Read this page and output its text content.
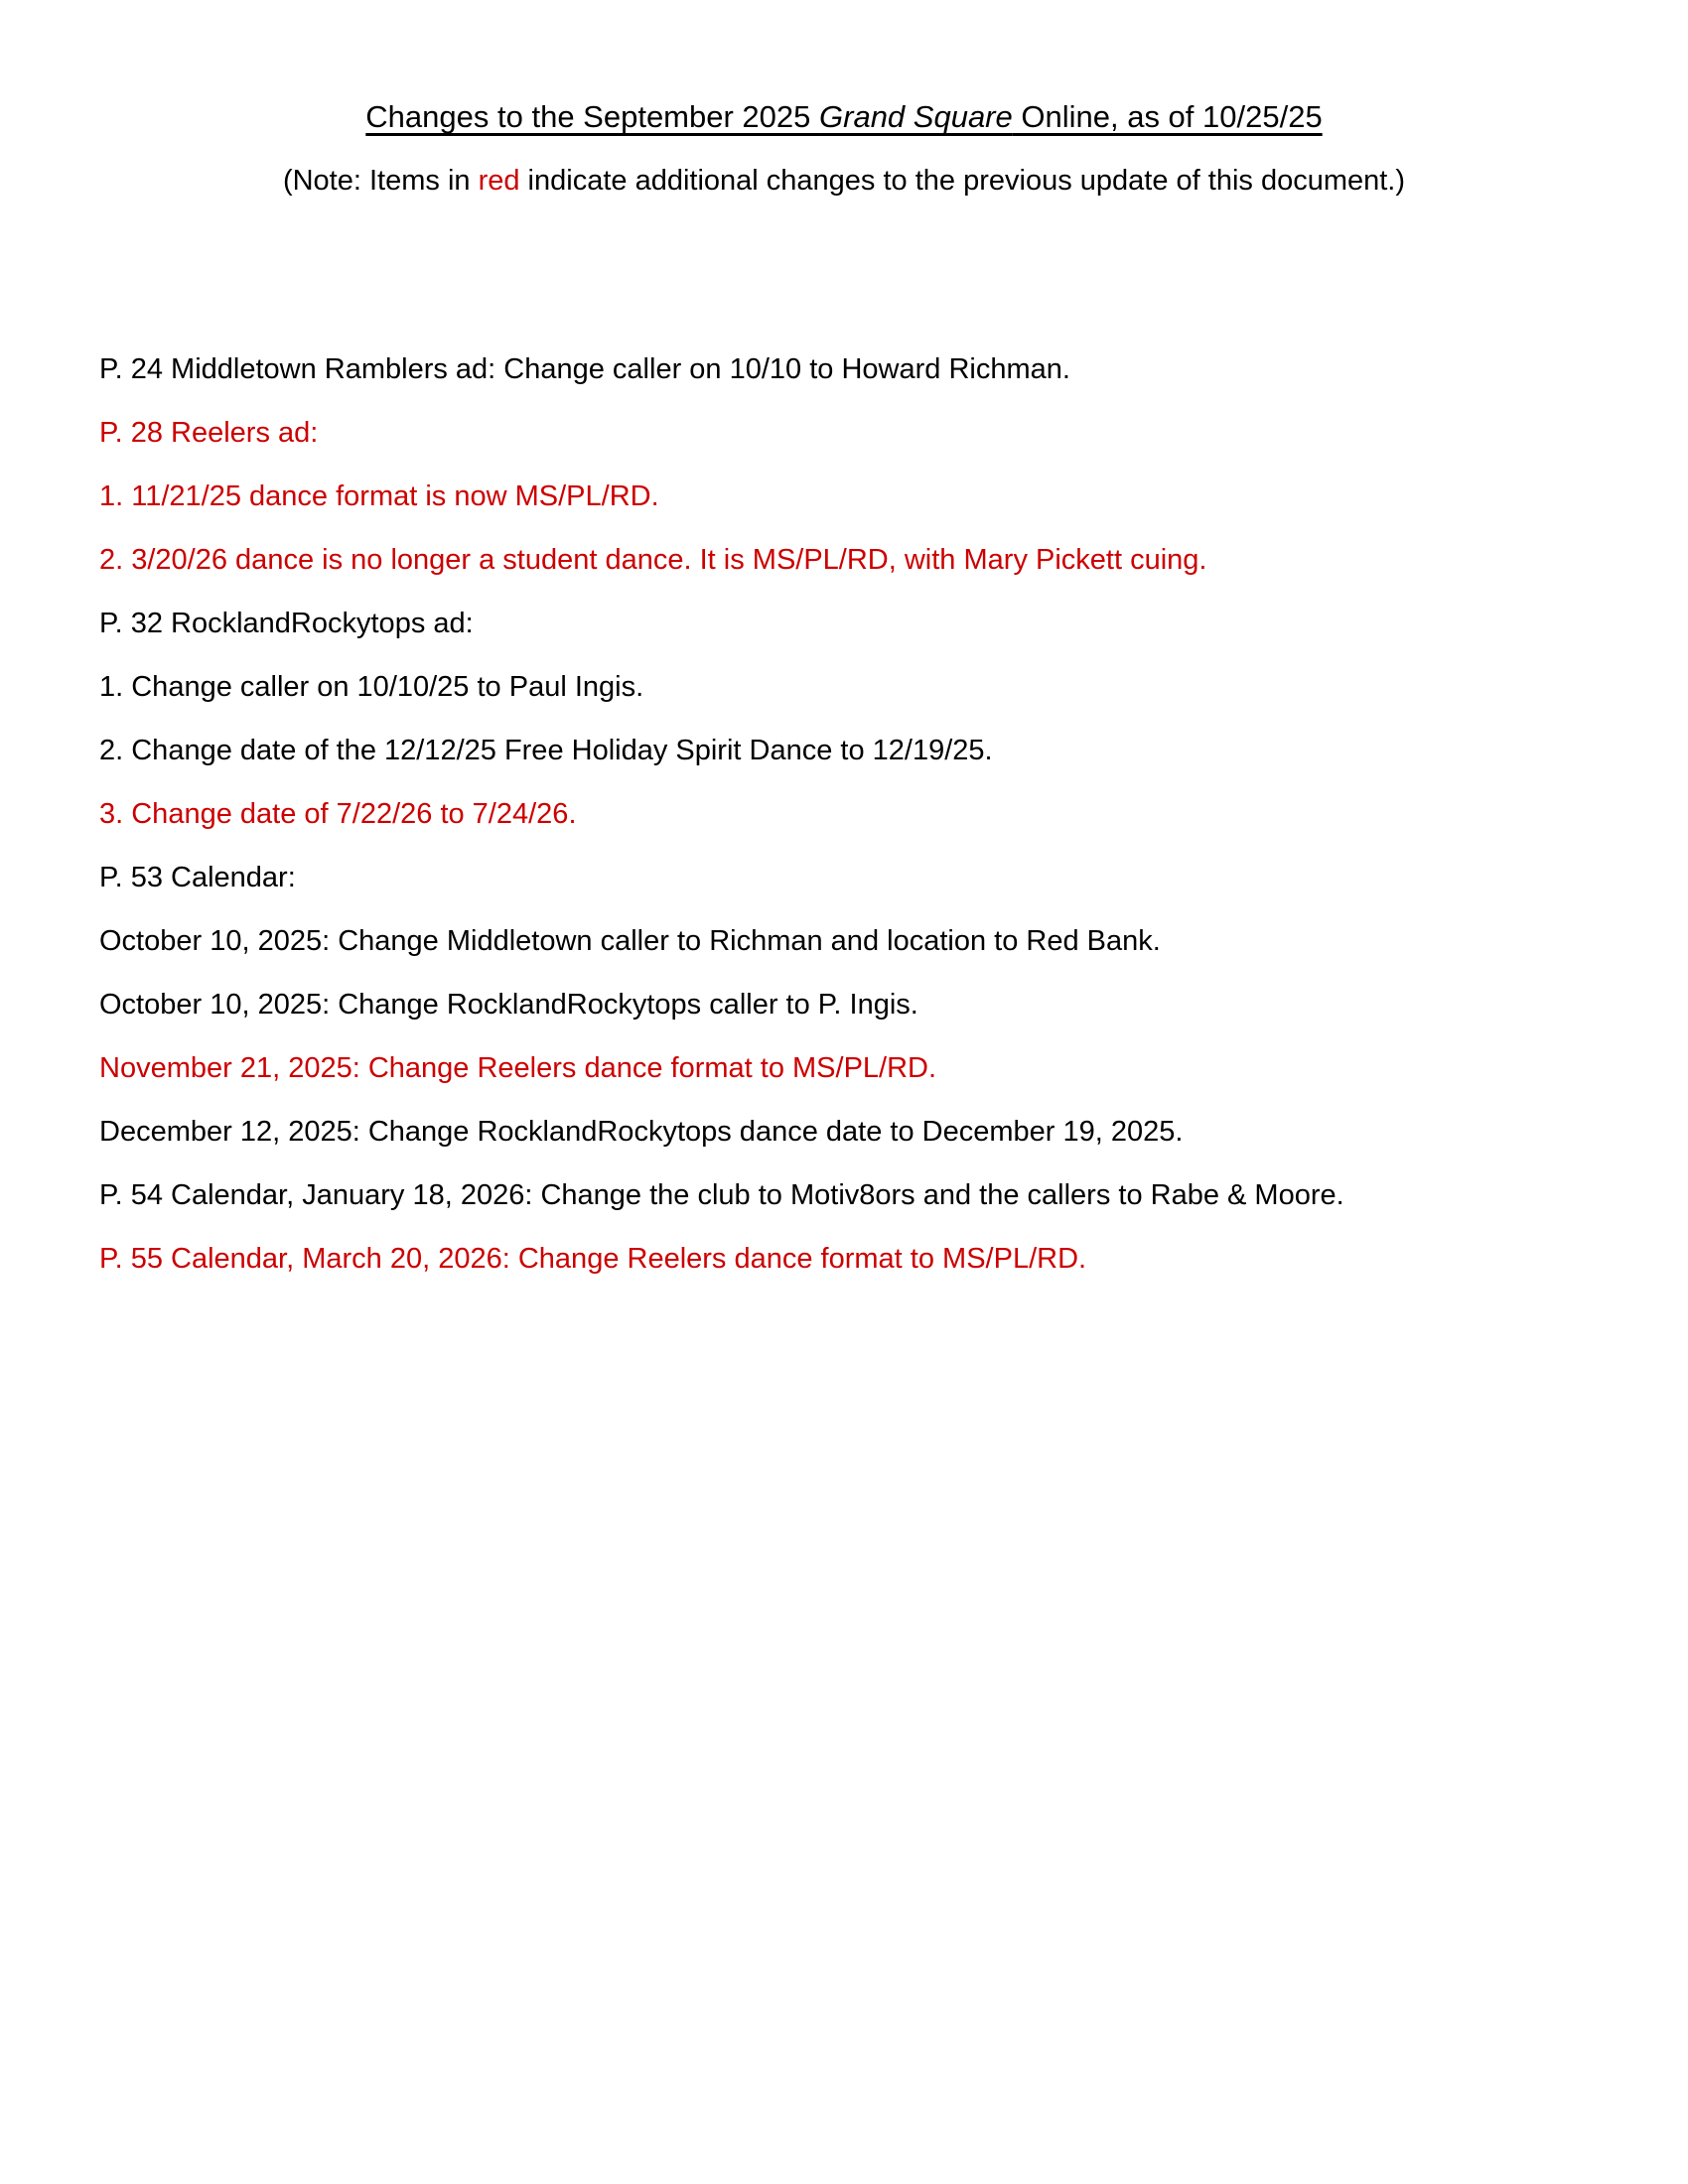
Changes to the September 2025 Grand Square Online, as of 10/25/25

(Note: Items in red indicate additional changes to the previous update of this document.)

P. 24 Middletown Ramblers ad: Change caller on 10/10 to Howard Richman.

P. 28 Reelers ad:

1. 11/21/25 dance format is now MS/PL/RD.

2. 3/20/26 dance is no longer a student dance. It is MS/PL/RD, with Mary Pickett cuing.

P. 32 RocklandRockytops ad:

1. Change caller on 10/10/25 to Paul Ingis.

2. Change date of the 12/12/25 Free Holiday Spirit Dance to 12/19/25.

3. Change date of 7/22/26 to 7/24/26.

P. 53 Calendar:

October 10, 2025: Change Middletown caller to Richman and location to Red Bank.

October 10, 2025: Change RocklandRockytops caller to P. Ingis.

November 21, 2025: Change Reelers dance format to MS/PL/RD.

December 12, 2025: Change RocklandRockytops dance date to December 19, 2025.

P. 54 Calendar, January 18, 2026: Change the club to Motiv8ors and the callers to Rabe & Moore.

P. 55 Calendar, March 20, 2026: Change Reelers dance format to MS/PL/RD.
